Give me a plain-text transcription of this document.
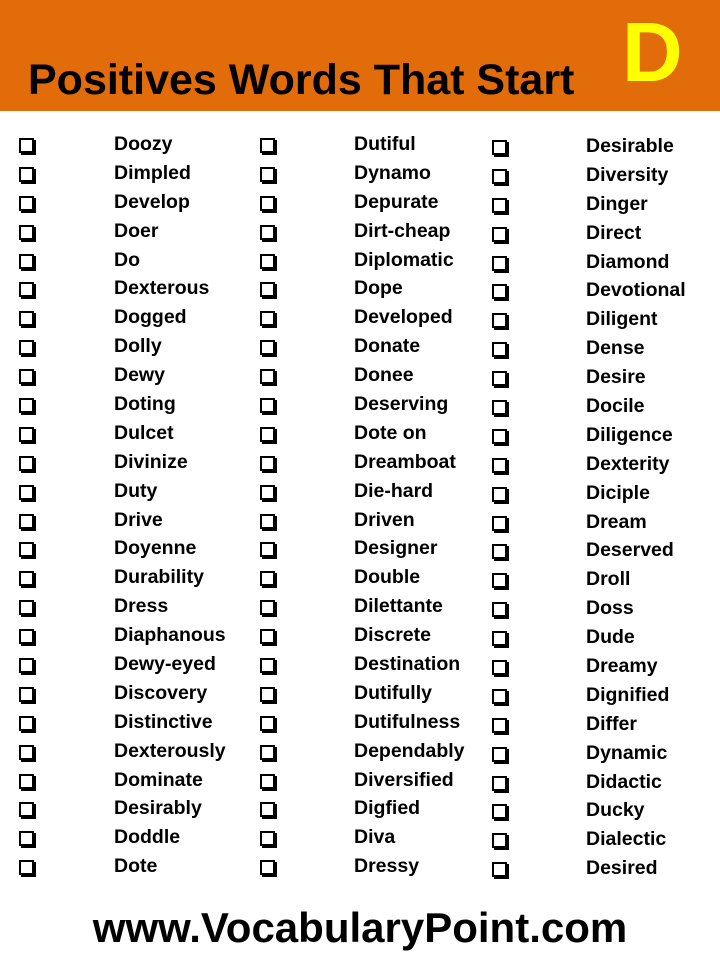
Positives Words That Start D
Doozy
Dimpled
Develop
Doer
Do
Dexterous
Dogged
Dolly
Dewy
Doting
Dulcet
Divinize
Duty
Drive
Doyenne
Durability
Dress
Diaphanous
Dewy-eyed
Discovery
Distinctive
Dexterously
Dominate
Desirably
Doddle
Dote
Dutiful
Dynamo
Depurate
Dirt-cheap
Diplomatic
Dope
Developed
Donate
Donee
Deserving
Dote on
Dreamboat
Die-hard
Driven
Designer
Double
Dilettante
Discrete
Destination
Dutifully
Dutifulness
Dependably
Diversified
Digfied
Diva
Dressy
Desirable
Diversity
Dinger
Direct
Diamond
Devotional
Diligent
Dense
Desire
Docile
Diligence
Dexterity
Diciple
Dream
Deserved
Droll
Doss
Dude
Dreamy
Dignified
Differ
Dynamic
Didactic
Ducky
Dialectic
Desired
www.VocabularyPoint.com
